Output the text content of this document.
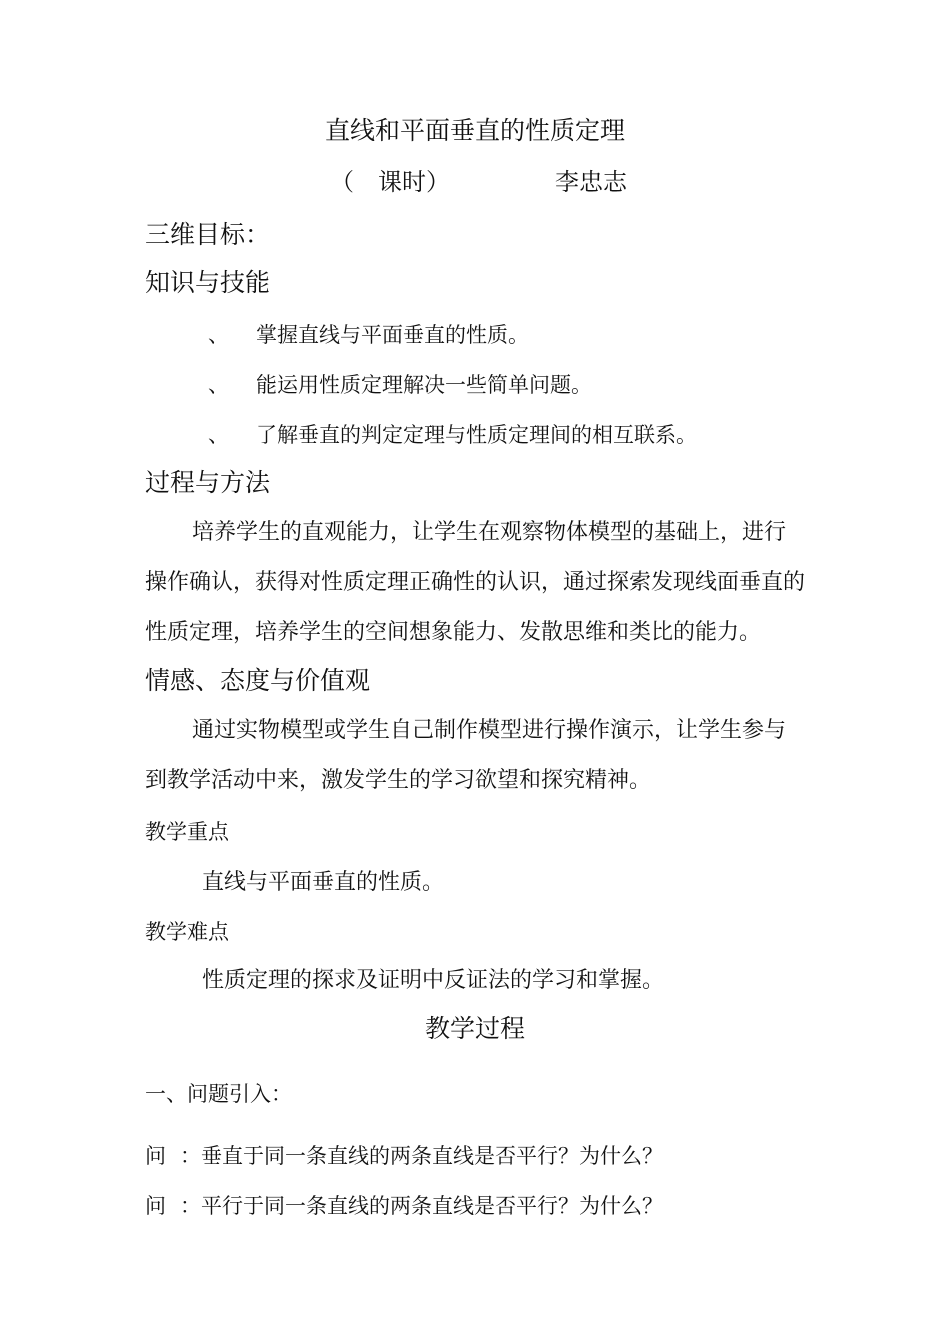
直线和平面垂直的性质定理
（　课时）	李忠志
三维目标：
知识与技能
、 掌握直线与平面垂直的性质。
、 能运用性质定理解决一些简单问题。
、 了解垂直的判定定理与性质定理间的相互联系。
过程与方法
培养学生的直观能力，让学生在观察物体模型的基础上，进行
操作确认，获得对性质定理正确性的认识，通过探索发现线面垂直的
性质定理，培养学生的空间想象能力、发散思维和类比的能力。
情感、态度与价值观
通过实物模型或学生自己制作模型进行操作演示，让学生参与
到教学活动中来，激发学生的学习欲望和探究精神。
教学重点
直线与平面垂直的性质。
教学难点
性质定理的探求及证明中反证法的学习和掌握。
教学过程
一、问题引入：
问 ：垂直于同一条直线的两条直线是否平行？为什么？
问 ：平行于同一条直线的两条直线是否平行？为什么？
